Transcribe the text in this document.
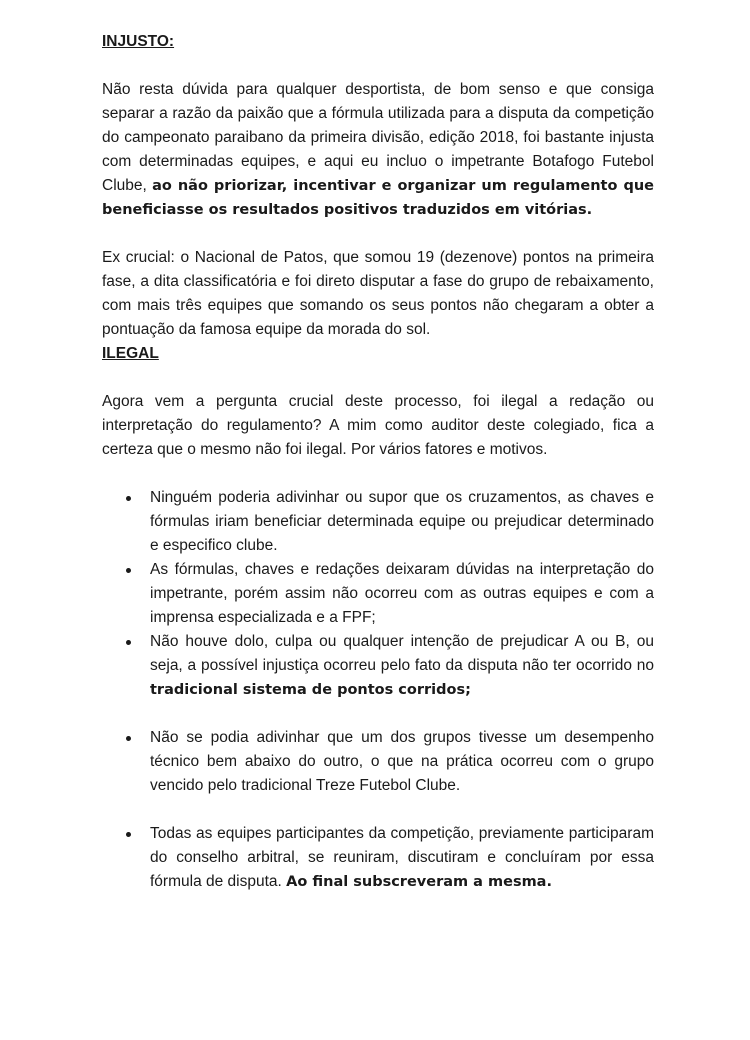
INJUSTO:

Não resta dúvida para qualquer desportista, de bom senso e que consiga separar a razão da paixão que a fórmula utilizada para a disputa da competição do campeonato paraibano da primeira divisão, edição 2018, foi bastante injusta com determinadas equipes, e aqui eu incluo o impetrante Botafogo Futebol Clube, ao não priorizar, incentivar e organizar um regulamento que beneficiasse os resultados positivos traduzidos em vitórias.

Ex crucial: o Nacional de Patos, que somou 19 (dezenove) pontos na primeira fase, a dita classificatória e foi direto disputar a fase do grupo de rebaixamento, com mais três equipes que somando os seus pontos não chegaram a obter a pontuação da famosa equipe da morada do sol.

ILEGAL

Agora vem a pergunta crucial deste processo, foi ilegal a redação ou interpretação do regulamento? A mim como auditor deste colegiado, fica a certeza que o mesmo não foi ilegal. Por vários fatores e motivos.

Ninguém poderia adivinhar ou supor que os cruzamentos, as chaves e fórmulas iriam beneficiar determinada equipe ou prejudicar determinado e especifico clube.
As fórmulas, chaves e redações deixaram dúvidas na interpretação do impetrante, porém assim não ocorreu com as outras equipes e com a imprensa especializada e a FPF;
Não houve dolo, culpa ou qualquer intenção de prejudicar A ou B, ou seja, a possível injustiça ocorreu pelo fato da disputa não ter ocorrido no tradicional sistema de pontos corridos;
Não se podia adivinhar que um dos grupos tivesse um desempenho técnico bem abaixo do outro, o que na prática ocorreu com o grupo vencido pelo tradicional Treze Futebol Clube.
Todas as equipes participantes da competição, previamente participaram do conselho arbitral, se reuniram, discutiram e concluíram por essa fórmula de disputa. Ao final subscreveram a mesma.
